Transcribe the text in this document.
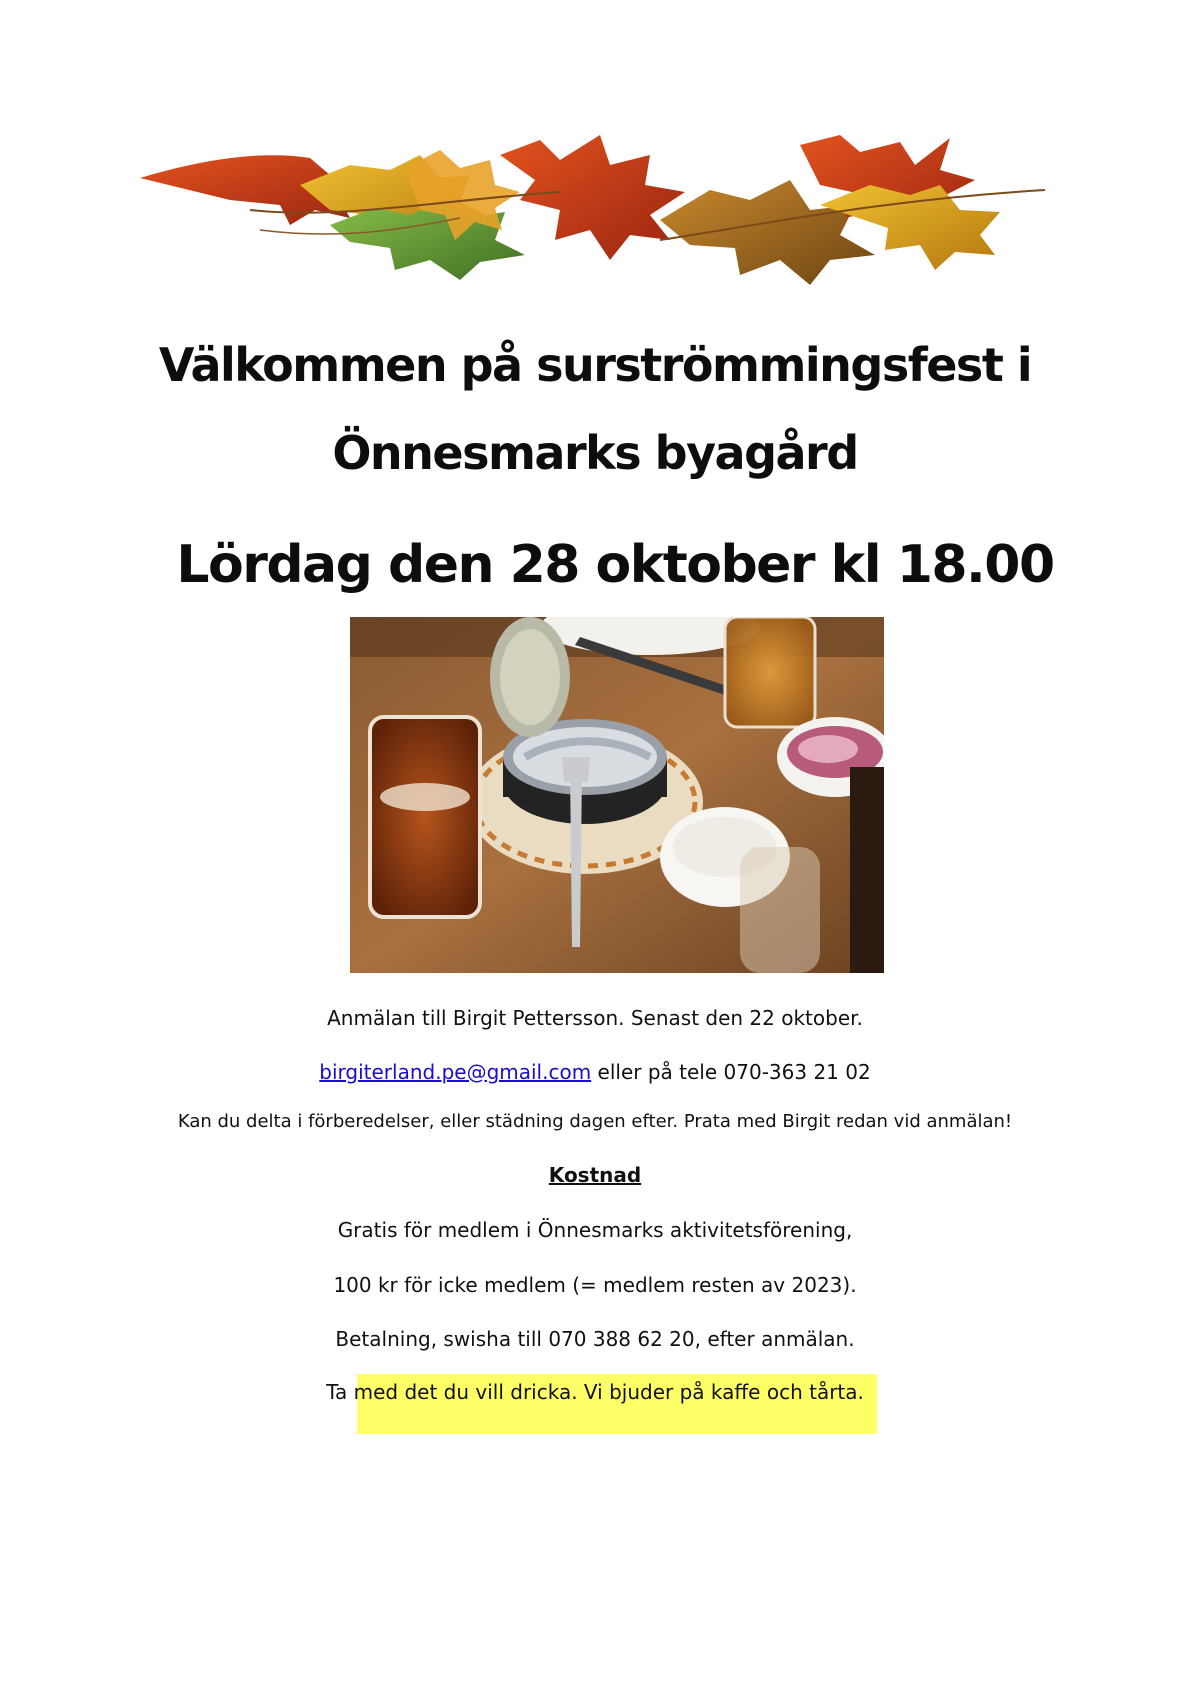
Välkommen på surströmmingsfest i
Önnesmarks byagård
Lördag den 28 oktober kl 18.00
Anmälan till Birgit Pettersson. Senast den 22 oktober.
birgiterland.pe@gmail.com eller på tele 070-363 21 02
Kan du delta i förberedelser, eller städning dagen efter. Prata med Birgit redan vid anmälan!
Kostnad
Gratis för medlem i Önnesmarks aktivitetsförening,
100 kr för icke medlem (= medlem resten av 2023).
Betalning, swisha till 070 388 62 20, efter anmälan.
Ta med det du vill dricka. Vi bjuder på kaffe och tårta.
